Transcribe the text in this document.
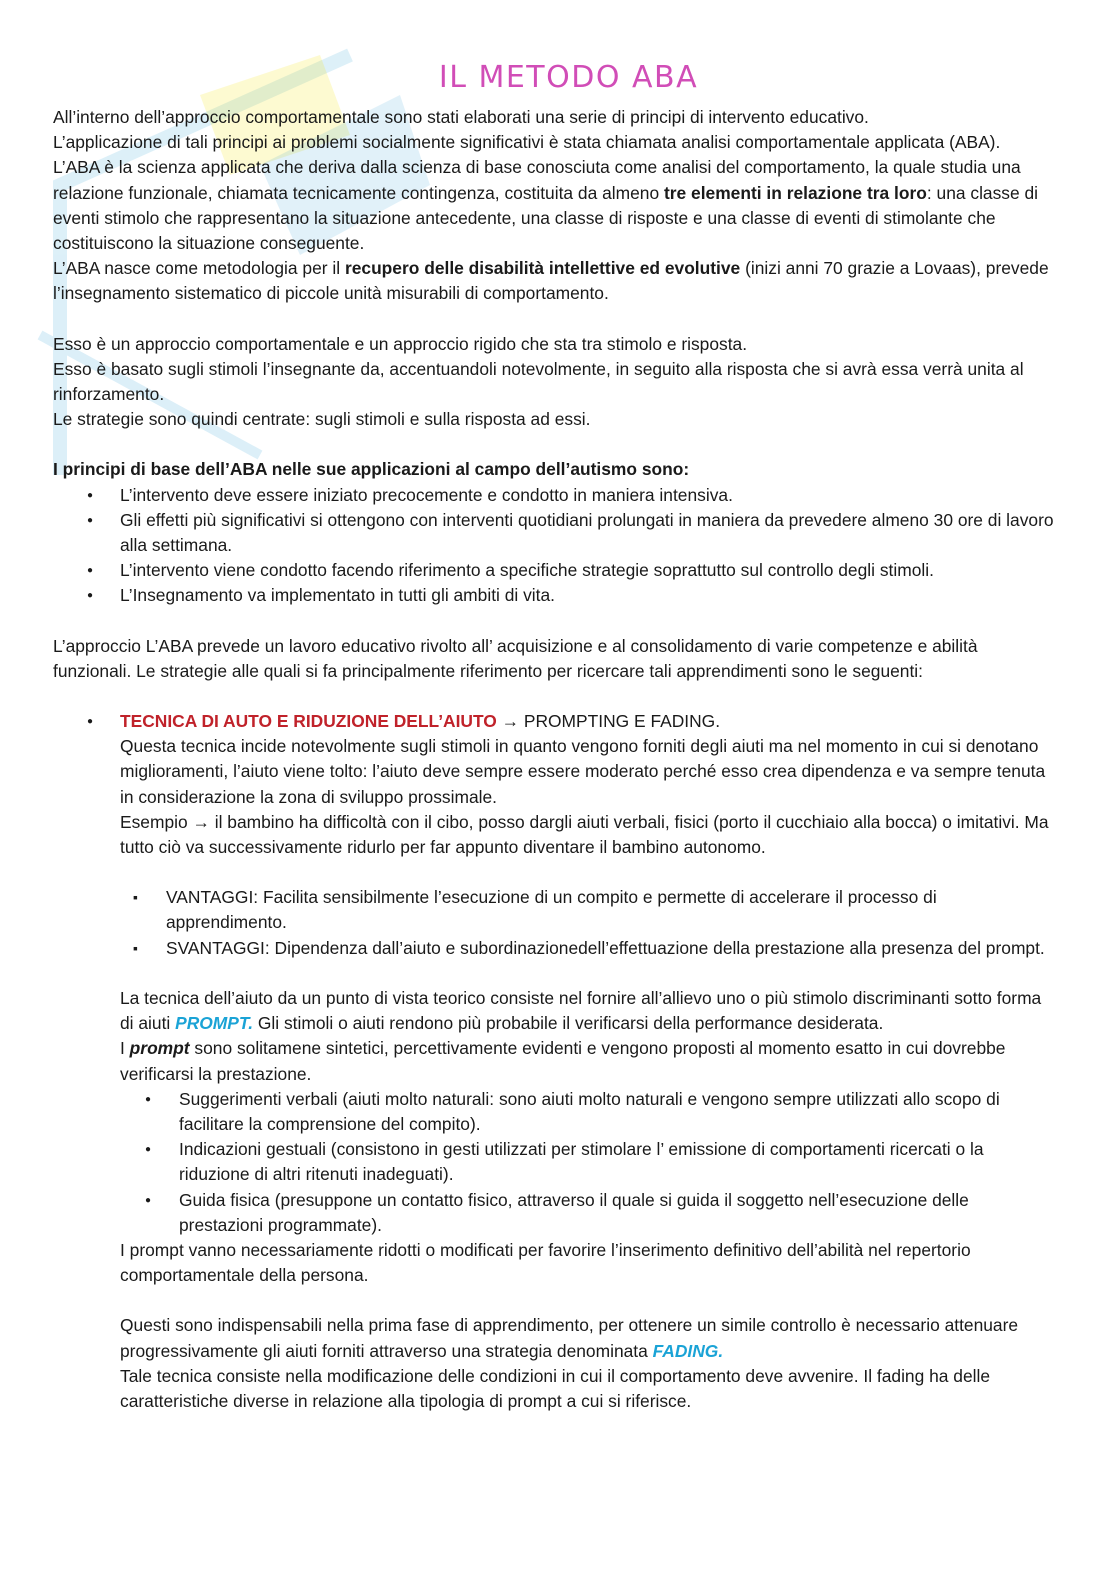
IL METODO ABA

All’interno dell’approccio comportamentale sono stati elaborati una serie di principi di intervento educativo.

L’applicazione di tali principi ai problemi socialmente significativi è stata chiamata analisi comportamentale applicata (ABA).

L’ABA è la scienza applicata che deriva dalla scienza di base conosciuta come analisi del comportamento, la quale studia una relazione funzionale, chiamata tecnicamente contingenza, costituita da almeno tre elementi in relazione tra loro: una classe di eventi stimolo che rappresentano la situazione antecedente, una classe di risposte e una classe di eventi di stimolante che costituiscono la situazione conseguente.

L’ABA nasce come metodologia per il recupero delle disabilità intellettive ed evolutive (inizi anni 70 grazie a Lovaas), prevede l’insegnamento sistematico di piccole unità misurabili di comportamento.

Esso è un approccio comportamentale e un approccio rigido che sta tra stimolo e risposta.

Esso è basato sugli stimoli l’insegnante da, accentuandoli notevolmente, in seguito alla risposta che si avrà essa verrà unita al rinforzamento.

Le strategie sono quindi centrate: sugli stimoli e sulla risposta ad essi.

I principi di base dell’ABA nelle sue applicazioni al campo dell’autismo sono:

● L’intervento deve essere iniziato precocemente e condotto in maniera intensiva.
● Gli effetti più significativi si ottengono con interventi quotidiani prolungati in maniera da prevedere almeno 30 ore di lavoro alla settimana.
● L’intervento viene condotto facendo riferimento a specifiche strategie soprattutto sul controllo degli stimoli.
● L’Insegnamento va implementato in tutti gli ambiti di vita.

L’approccio L’ABA prevede un lavoro educativo rivolto all’ acquisizione e al consolidamento di varie competenze e abilità funzionali. Le strategie alle quali si fa principalmente riferimento per ricercare tali apprendimenti sono le seguenti:

● TECNICA DI AUTO E RIDUZIONE DELL’AIUTO → PROMPTING E FADING.

Questa tecnica incide notevolmente sugli stimoli in quanto vengono forniti degli aiuti ma nel momento in cui si denotano miglioramenti, l’aiuto viene tolto: l’aiuto deve sempre essere moderato perché esso crea dipendenza e va sempre tenuta in considerazione la zona di sviluppo prossimale.

Esempio → il bambino ha difficoltà con il cibo, posso dargli aiuti verbali, fisici (porto il cucchiaio alla bocca) o imitativi. Ma tutto ciò va successivamente ridurlo per far appunto diventare il bambino autonomo.

▪ VANTAGGI: Facilita sensibilmente l’esecuzione di un compito e permette di accelerare il processo di apprendimento.
▪ SVANTAGGI: Dipendenza dall’aiuto e subordinazionedell’effettuazione della prestazione alla presenza del prompt.

La tecnica dell’aiuto da un punto di vista teorico consiste nel fornire all’allievo uno o più stimolo discriminanti sotto forma di aiuti PROMPT. Gli stimoli o aiuti rendono più probabile il verificarsi della performance desiderata.

I prompt sono solitamene sintetici, percettivamente evidenti e vengono proposti al momento esatto in cui dovrebbe verificarsi la prestazione.

● Suggerimenti verbali (aiuti molto naturali: sono aiuti molto naturali e vengono sempre utilizzati allo scopo di facilitare la comprensione del compito).
● Indicazioni gestuali (consistono in gesti utilizzati per stimolare l’ emissione di comportamenti ricercati o la riduzione di altri ritenuti inadeguati).
● Guida fisica (presuppone un contatto fisico, attraverso il quale si guida il soggetto nell’esecuzione delle prestazioni programmate).

I prompt vanno necessariamente ridotti o modificati per favorire l’inserimento definitivo dell’abilità nel repertorio comportamentale della persona.

Questi sono indispensabili nella prima fase di apprendimento, per ottenere un simile controllo è necessario attenuare progressivamente gli aiuti forniti attraverso una strategia denominata FADING.

Tale tecnica consiste nella modificazione delle condizioni in cui il comportamento deve avvenire. Il fading ha delle caratteristiche diverse in relazione alla tipologia di prompt a cui si riferisce.
